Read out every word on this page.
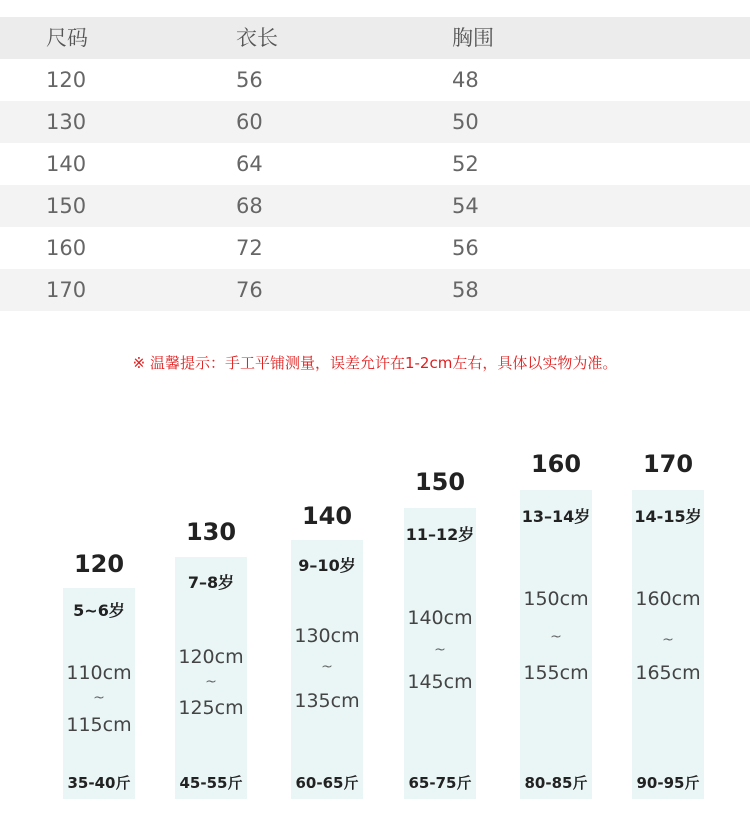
尺码	衣长	胸围
120	56	48
130	60	50
140	64	52
150	68	54
160	72	56
170	76	58
※ 温馨提示：手工平铺测量，误差允许在1-2cm左右，具体以实物为准。
120
5~6岁
110cm
~
115cm
35-40斤
130
7–8岁
120cm
~
125cm
45-55斤
140
9–10岁
130cm
~
135cm
60-65斤
150
11–12岁
140cm
~
145cm
65-75斤
160
13–14岁
150cm
~
155cm
80-85斤
170
14-15岁
160cm
~
165cm
90-95斤
